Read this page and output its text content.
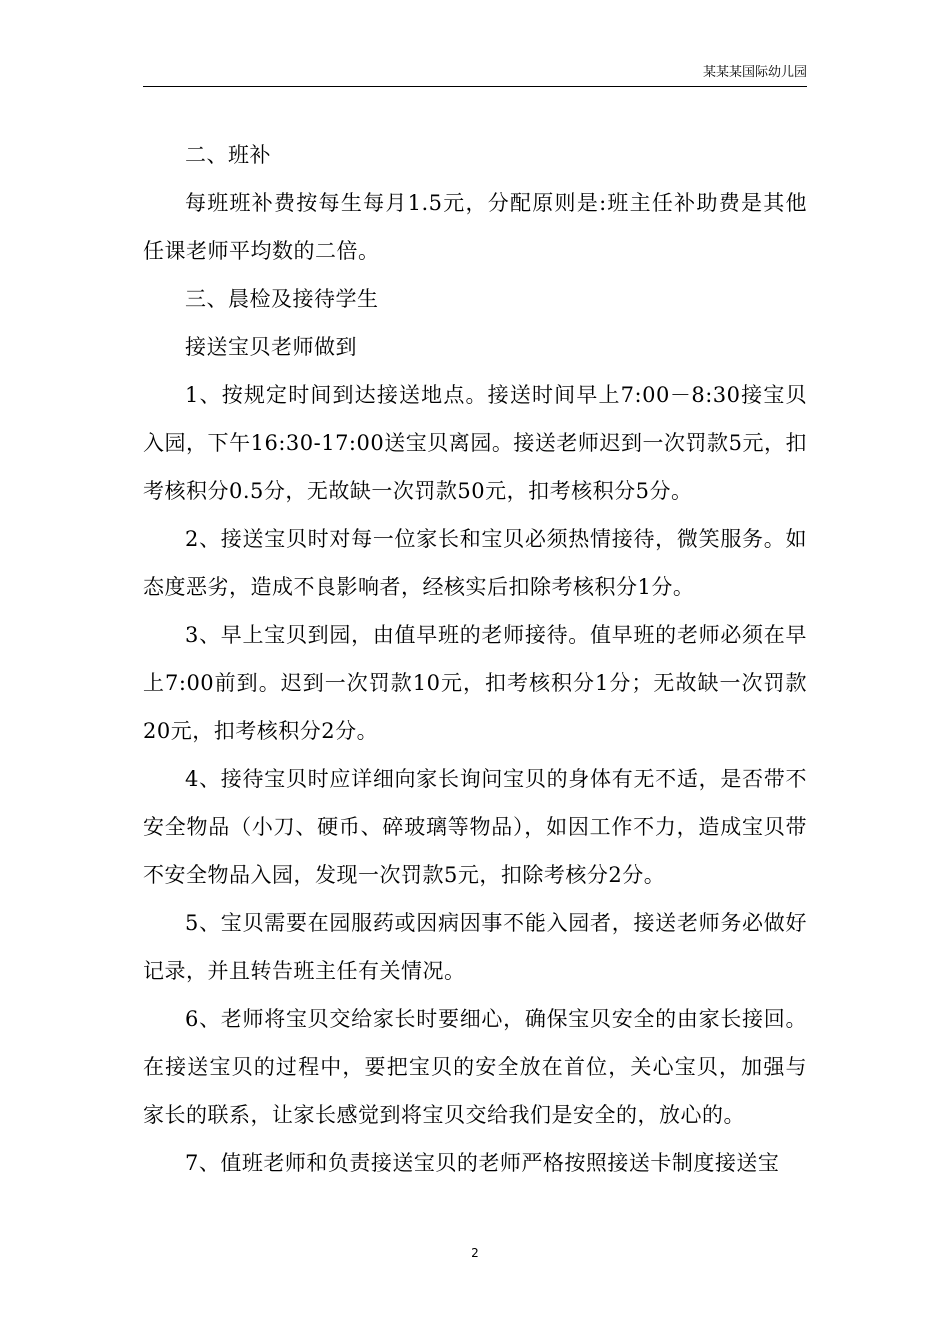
某某某国际幼儿园

二、班补

每班班补费按每生每月1.5元，分配原则是:班主任补助费是其他任课老师平均数的二倍。

三、晨检及接待学生

接送宝贝老师做到

1、按规定时间到达接送地点。接送时间早上7:00－8:30接宝贝入园，下午16:30-17:00送宝贝离园。接送老师迟到一次罚款5元，扣考核积分0.5分，无故缺一次罚款50元，扣考核积分5分。

2、接送宝贝时对每一位家长和宝贝必须热情接待，微笑服务。如态度恶劣，造成不良影响者，经核实后扣除考核积分1分。

3、早上宝贝到园，由值早班的老师接待。值早班的老师必须在早上7:00前到。迟到一次罚款10元，扣考核积分1分；无故缺一次罚款20元，扣考核积分2分。

4、接待宝贝时应详细向家长询问宝贝的身体有无不适，是否带不安全物品（小刀、硬币、碎玻璃等物品），如因工作不力，造成宝贝带不安全物品入园，发现一次罚款5元，扣除考核分2分。

5、宝贝需要在园服药或因病因事不能入园者，接送老师务必做好记录，并且转告班主任有关情况。

6、老师将宝贝交给家长时要细心，确保宝贝安全的由家长接回。在接送宝贝的过程中，要把宝贝的安全放在首位，关心宝贝，加强与家长的联系，让家长感觉到将宝贝交给我们是安全的，放心的。

7、值班老师和负责接送宝贝的老师严格按照接送卡制度接送宝

2
